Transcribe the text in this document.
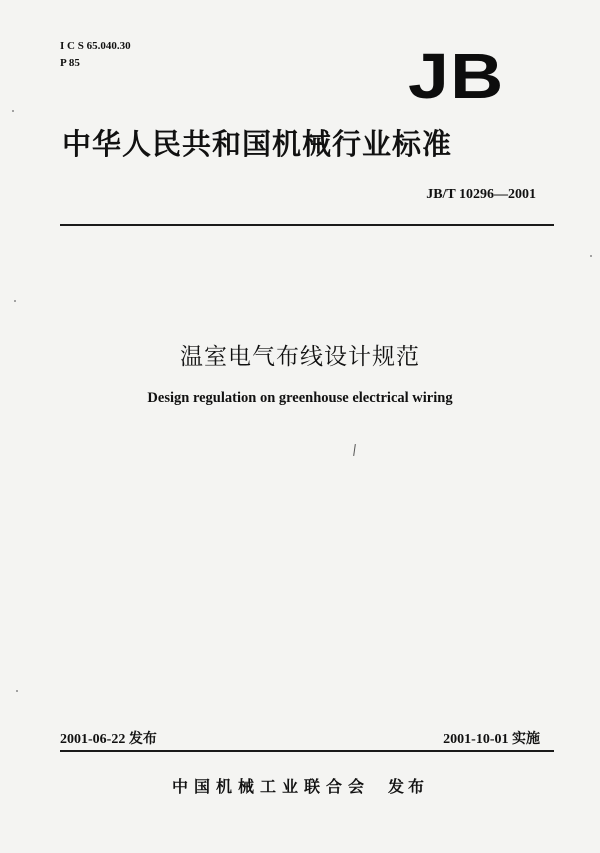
I C S 65.040.30
P 85	JB
中华人民共和国机械行业标准
JB/T 10296—2001
温室电气布线设计规范
Design regulation on greenhouse electrical wiring
2001-06-22 发布	2001-10-01 实施
中国机械工业联合会 发布
